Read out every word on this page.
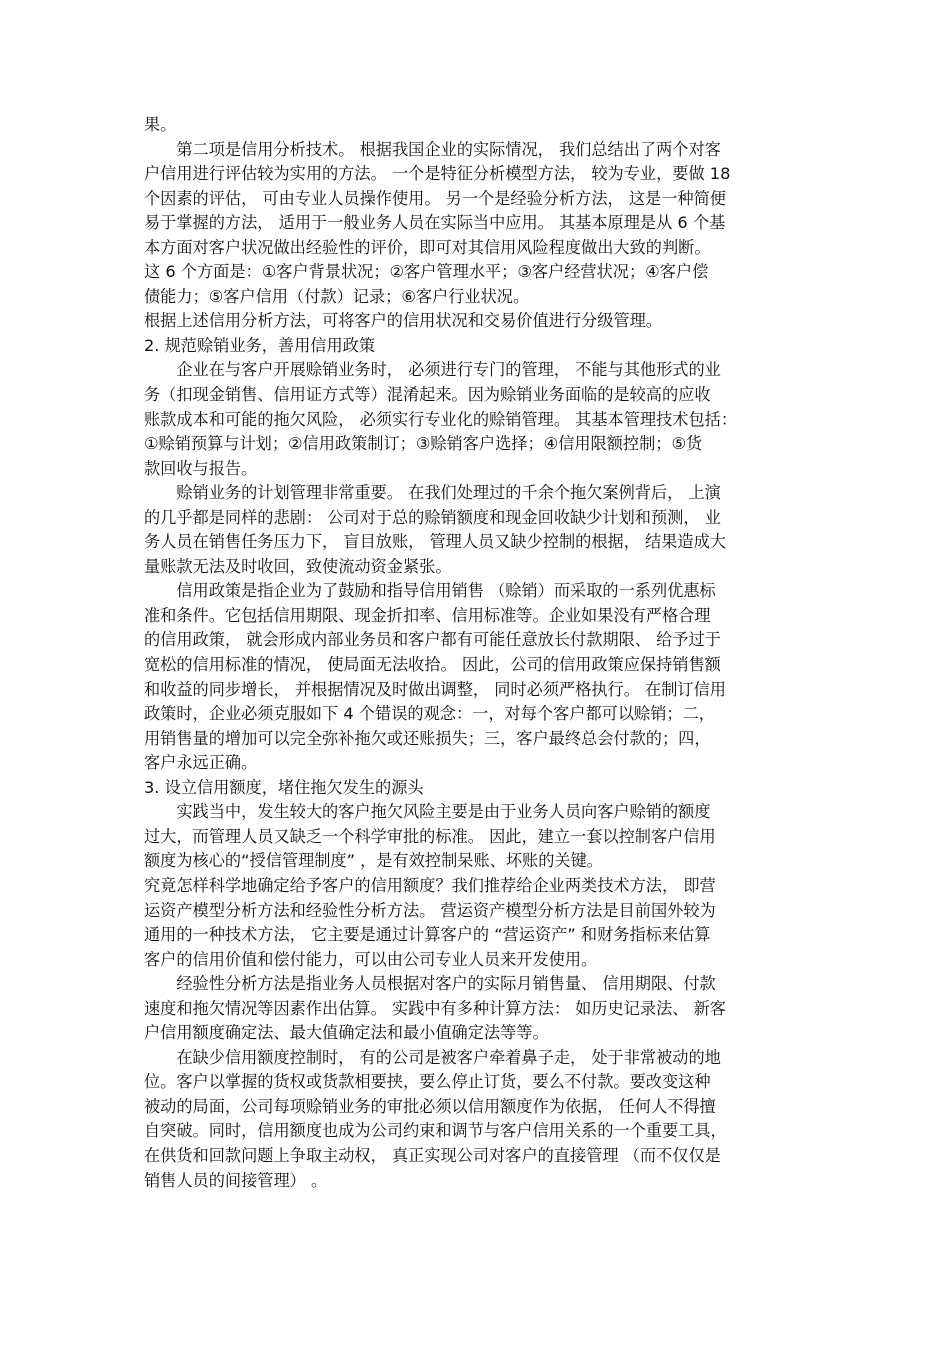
果。
　　第二项是信用分析技术。 根据我国企业的实际情况， 我们总结出了两个对客
户信用进行评估较为实用的方法。 一个是特征分析模型方法， 较为专业，要做 18
个因素的评估， 可由专业人员操作使用。 另一个是经验分析方法， 这是一种简便
易于掌握的方法， 适用于一般业务人员在实际当中应用。 其基本原理是从 6 个基
本方面对客户状况做出经验性的评价，即可对其信用风险程度做出大致的判断。
这 6 个方面是：①客户背景状况；②客户管理水平；③客户经营状况；④客户偿
债能力；⑤客户信用（付款）记录；⑥客户行业状况。
根据上述信用分析方法，可将客户的信用状况和交易价值进行分级管理。
2. 规范赊销业务，善用信用政策
　　企业在与客户开展赊销业务时， 必须进行专门的管理， 不能与其他形式的业
务（扣现金销售、信用证方式等）混淆起来。因为赊销业务面临的是较高的应收
账款成本和可能的拖欠风险， 必须实行专业化的赊销管理。 其基本管理技术包括：
①赊销预算与计划；②信用政策制订；③赊销客户选择；④信用限额控制；⑤货
款回收与报告。
　　赊销业务的计划管理非常重要。 在我们处理过的千余个拖欠案例背后， 上演
的几乎都是同样的悲剧： 公司对于总的赊销额度和现金回收缺少计划和预测， 业
务人员在销售任务压力下， 盲目放账， 管理人员又缺少控制的根据， 结果造成大
量账款无法及时收回，致使流动资金紧张。
　　信用政策是指企业为了鼓励和指导信用销售 （赊销）而采取的一系列优惠标
准和条件。它包括信用期限、现金折扣率、信用标准等。企业如果没有严格合理
的信用政策， 就会形成内部业务员和客户都有可能任意放长付款期限、 给予过于
宽松的信用标准的情况， 使局面无法收拾。 因此，公司的信用政策应保持销售额
和收益的同步增长， 并根据情况及时做出调整， 同时必须严格执行。 在制订信用
政策时，企业必须克服如下 4 个错误的观念：一，对每个客户都可以赊销；二，
用销售量的增加可以完全弥补拖欠或还账损失；三，客户最终总会付款的；四，
客户永远正确。
3. 设立信用额度，堵住拖欠发生的源头
　　实践当中，发生较大的客户拖欠风险主要是由于业务人员向客户赊销的额度
过大，而管理人员又缺乏一个科学审批的标准。 因此，建立一套以控制客户信用
额度为核心的“授信管理制度” ，是有效控制呆账、坏账的关键。
究竟怎样科学地确定给予客户的信用额度？我们推荐给企业两类技术方法， 即营
运资产模型分析方法和经验性分析方法。 营运资产模型分析方法是目前国外较为
通用的一种技术方法， 它主要是通过计算客户的 “营运资产” 和财务指标来估算
客户的信用价值和偿付能力，可以由公司专业人员来开发使用。
　　经验性分析方法是指业务人员根据对客户的实际月销售量、 信用期限、付款
速度和拖欠情况等因素作出估算。 实践中有多种计算方法： 如历史记录法、 新客
户信用额度确定法、最大值确定法和最小值确定法等等。
　　在缺少信用额度控制时， 有的公司是被客户牵着鼻子走， 处于非常被动的地
位。客户以掌握的货权或货款相要挟，要么停止订货，要么不付款。要改变这种
被动的局面，公司每项赊销业务的审批必须以信用额度作为依据， 任何人不得擅
自突破。同时，信用额度也成为公司约束和调节与客户信用关系的一个重要工具，
在供货和回款问题上争取主动权， 真正实现公司对客户的直接管理 （而不仅仅是
销售人员的间接管理） 。
